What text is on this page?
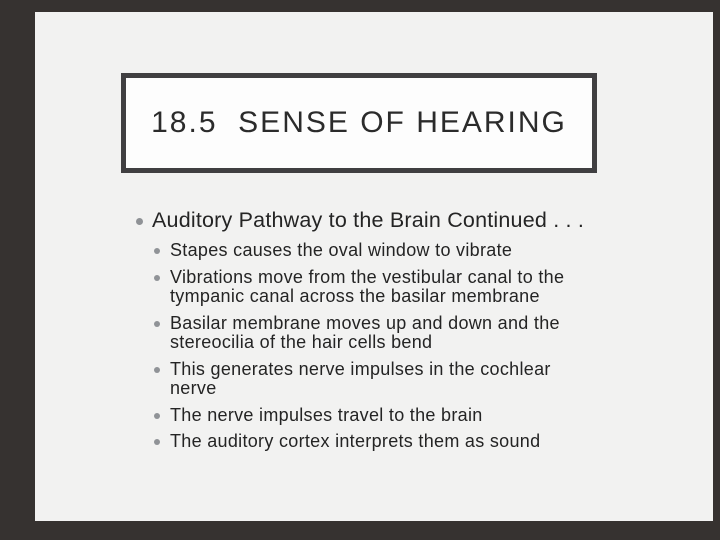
18.5  SENSE OF HEARING
Auditory Pathway to the Brain Continued . . .
Stapes causes the oval window to vibrate
Vibrations move from the vestibular canal to the tympanic canal across the basilar membrane
Basilar membrane moves up and down and the stereocilia of the hair cells bend
This generates nerve impulses in the cochlear nerve
The nerve impulses travel to the brain
The auditory cortex interprets them as sound
